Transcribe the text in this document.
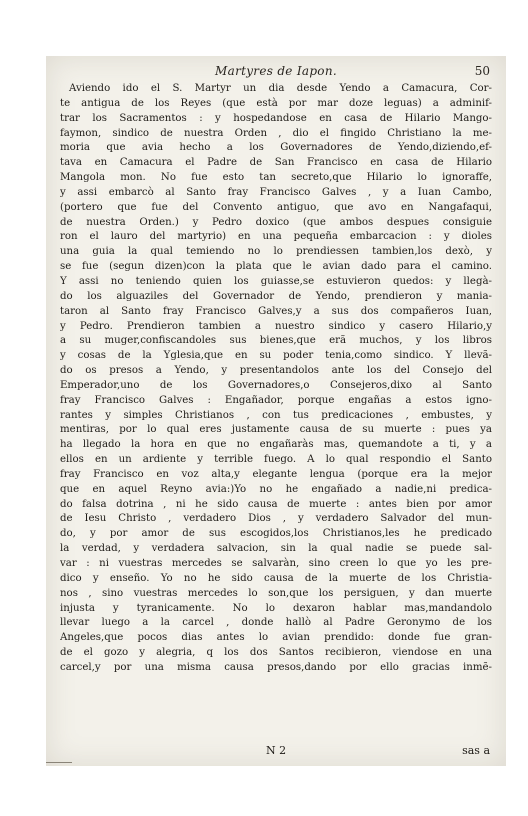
Martyres de Iapon.	50
Aviendo ido el S. Martyr un dia desde Yendo a Camacura, Cor-
te antigua de los Reyes (que està por mar doze leguas) a adminif-
trar los Sacramentos : y hospedandose en casa de Hilario Mango-
faymon, sindico de nuestra Orden , dio el fingido Christiano la me-
moria que avia hecho a los Governadores de Yendo,diziendo,ef-
tava en Camacura el Padre de San Francisco en casa de Hilario
Mangola mon. No fue esto tan secreto,que Hilario lo ignoraffe,
y assi embarcò al Santo fray Francisco Galves , y a Iuan Cambo,
(portero que fue del Convento antiguo, que avo en Nangafaqui,
de nuestra Orden.) y Pedro doxico (que ambos despues consiguie
ron el lauro del martyrio) en una pequeña embarcacion : y dioles
una guia la qual temiendo no lo prendiessen tambien,los dexò, y
se fue (segun dizen)con la plata que le avian dado para el camino.
Y assi no teniendo quien los guiasse,se estuvieron quedos: y llegà-
do los alguaziles del Governador de Yendo, prendieron y mania-
taron al Santo fray Francisco Galves,y a sus dos compañeros Iuan,
y Pedro. Prendieron tambien a nuestro sindico y casero Hilario,y
a su muger,confiscandoles sus bienes,que erã muchos, y los libros
y cosas de la Yglesia,que en su poder tenia,como sindico. Y llevã-
do os presos a Yendo, y presentandolos ante los del Consejo del
Emperador,uno de los Governadores,o Consejeros,dixo al Santo
fray Francisco Galves : Engañador, porque engañas a estos igno-
rantes y simples Christianos , con tus predicaciones , embustes, y
mentiras, por lo qual eres justamente causa de su muerte : pues ya
ha llegado la hora en que no engañaràs mas, quemandote a ti, y a
ellos en un ardiente y terrible fuego. A lo qual respondio el Santo
fray Francisco en voz alta,y elegante lengua (porque era la mejor
que en aquel Reyno avia:)Yo no he engañado a nadie,ni predica-
do falsa dotrina , ni he sido causa de muerte : antes bien por amor
de Iesu Christo , verdadero Dios , y verdadero Salvador del mun-
do, y por amor de sus escogidos,los Christianos,les he predicado
la verdad, y verdadera salvacion, sin la qual nadie se puede sal-
var : ni vuestras mercedes se salvaràn, sino creen lo que yo les pre-
dico y enseño. Yo no he sido causa de la muerte de los Christia-
nos , sino vuestras mercedes lo son,que los persiguen, y dan muerte
injusta y tyranicamente. No lo dexaron hablar mas,mandandolo
llevar luego a la carcel , donde hallò al Padre Geronymo de los
Angeles,que pocos dias antes lo avian prendido: donde fue gran-
de el gozo y alegria, q los dos Santos recibieron, viendose en una
carcel,y por una misma causa presos,dando por ello gracias inmẽ-
N 2	sas a
